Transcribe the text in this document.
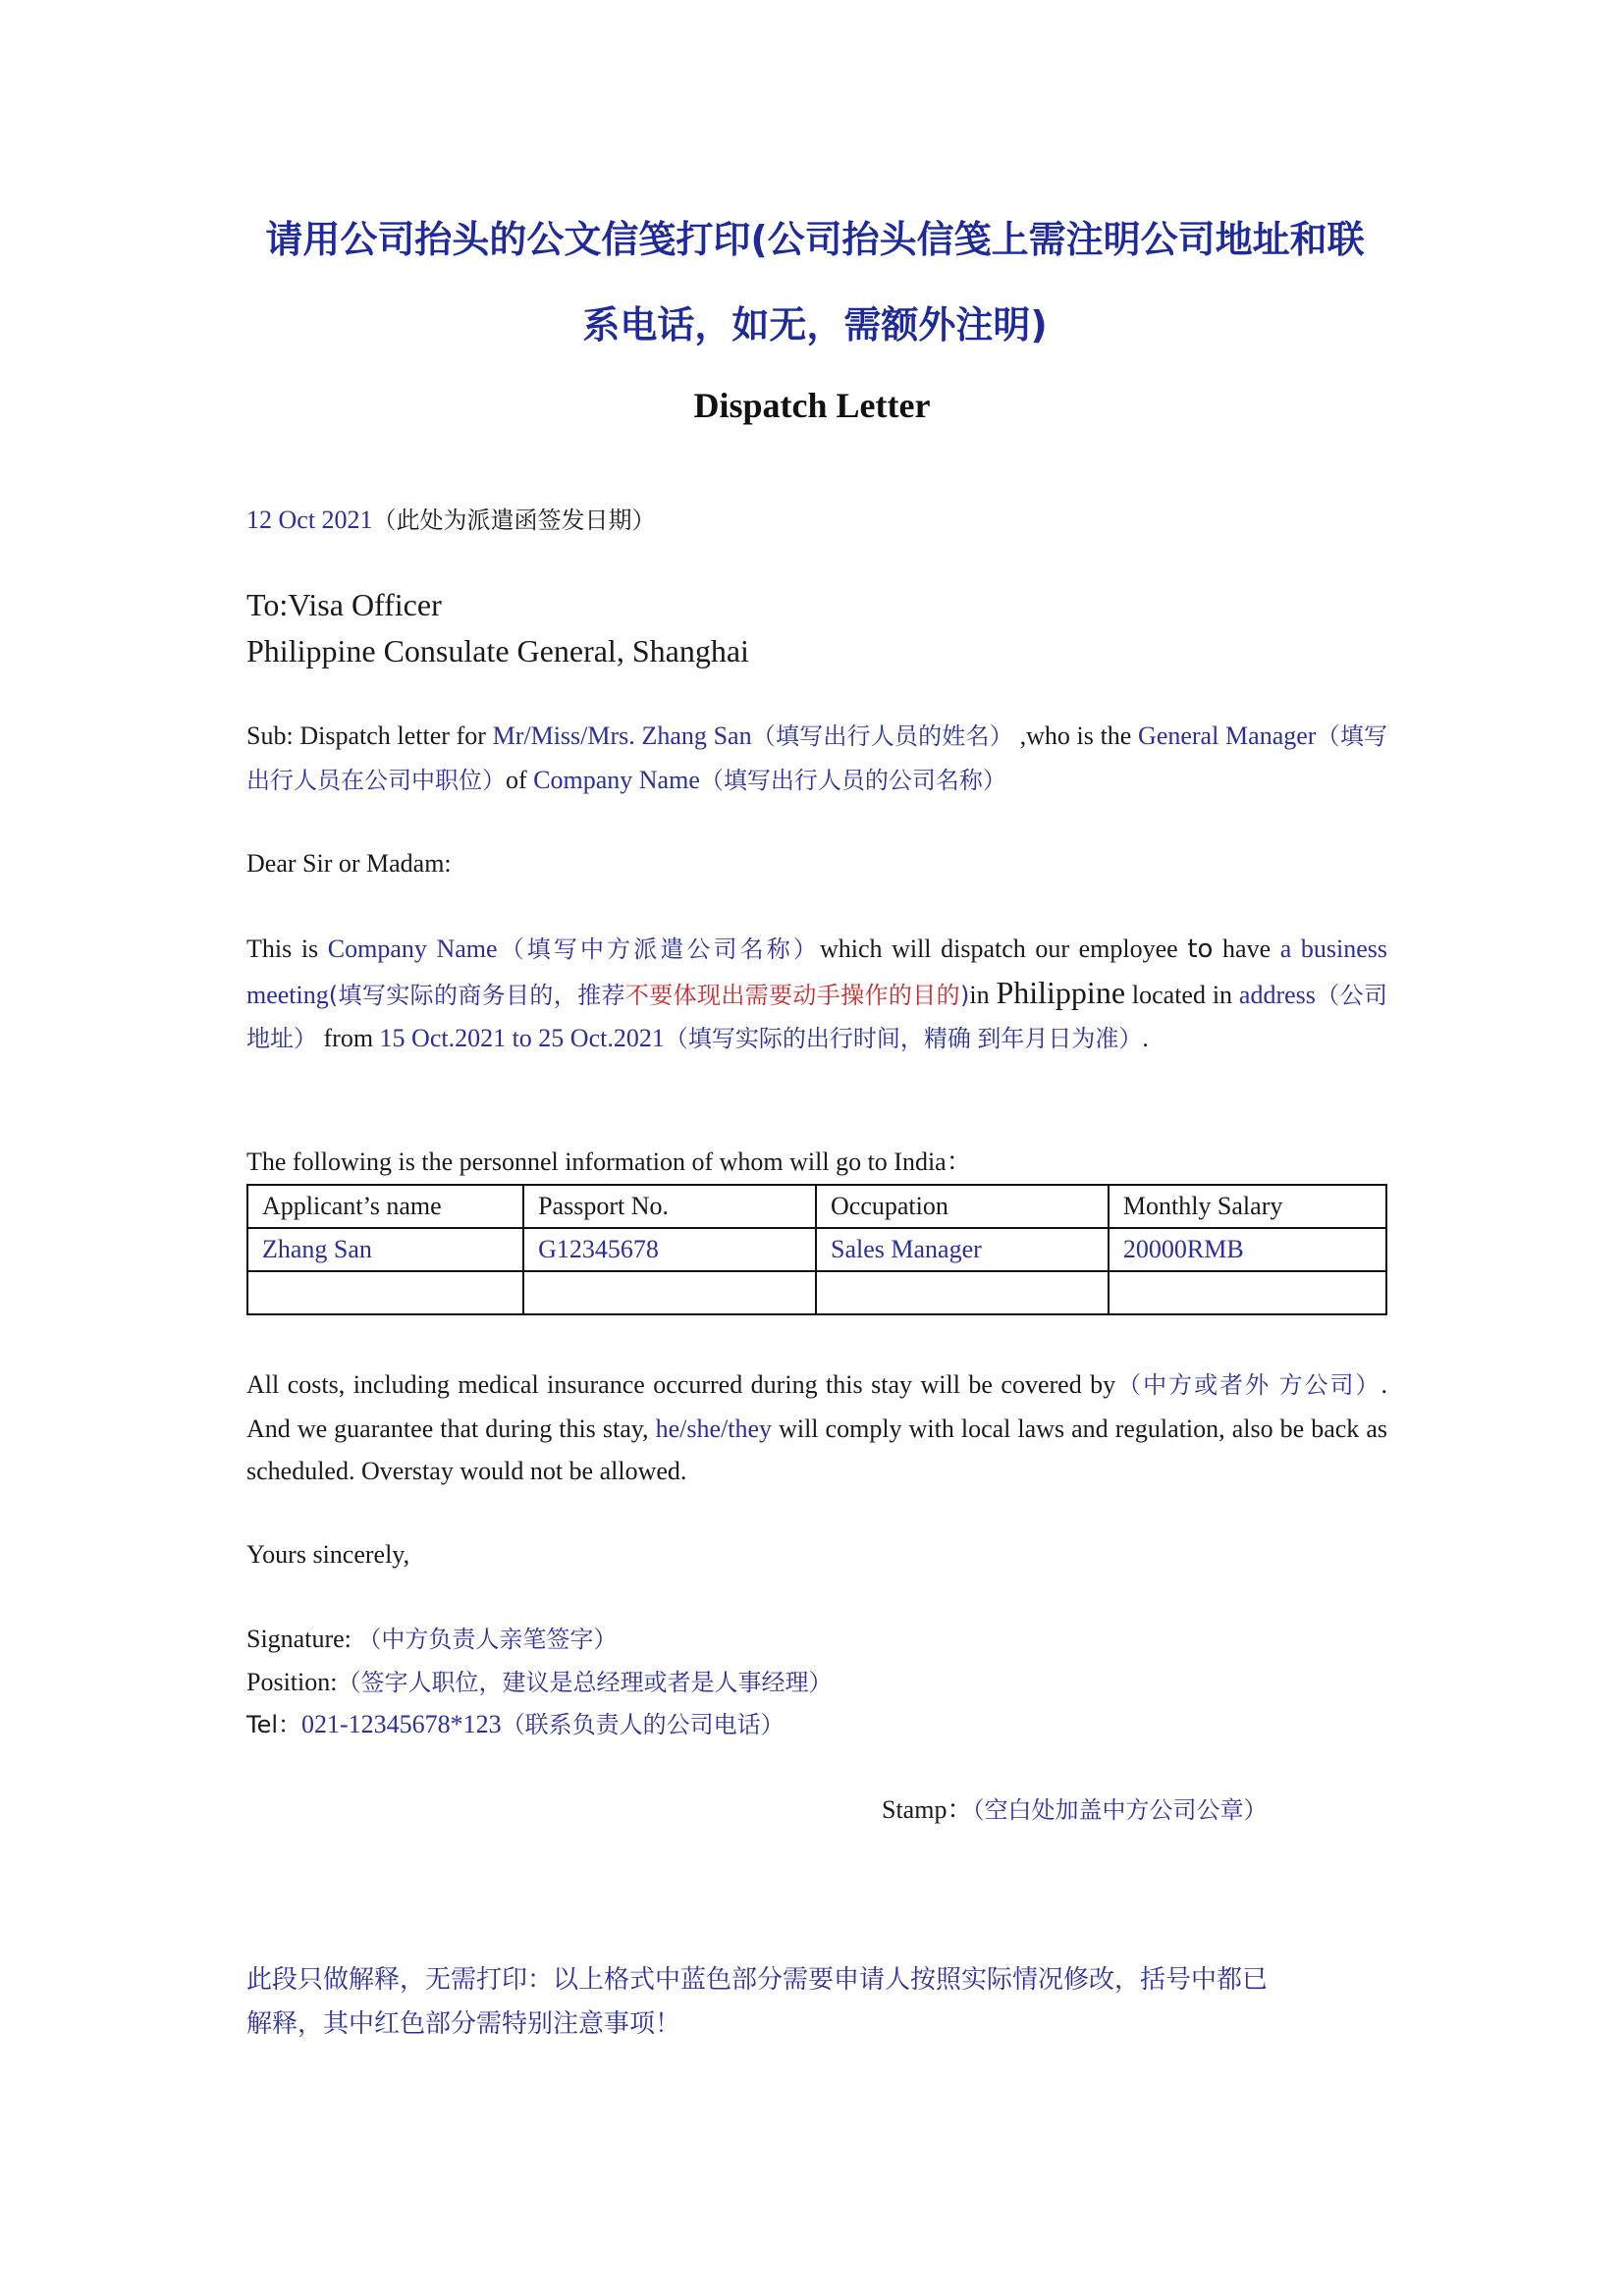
请用公司抬头的公文信笺打印(公司抬头信笺上需注明公司地址和联
系电话，如无，需额外注明)
Dispatch Letter
12 Oct 2021（此处为派遣函签发日期）
To:Visa Officer
Philippine Consulate General, Shanghai
Sub: Dispatch letter for Mr/Miss/Mrs. Zhang San（填写出行人员的姓名） ,who is the General Manager（填写出行人员在公司中职位）of Company Name（填写出行人员的公司名称）
Dear Sir or Madam:
This is Company Name（填写中方派遣公司名称）which will dispatch our employee to have a business meeting(填写实际的商务目的，推荐不要体现出需要动手操作的目的)in Philippine located in address（公司地址） from 15 Oct.2021 to 25 Oct.2021（填写实际的出行时间，精确 到年月日为准）.
The following is the personnel information of whom will go to India：
Applicant’s name	Passport No.	Occupation	Monthly Salary
Zhang San	G12345678	Sales Manager	20000RMB

All costs, including medical insurance occurred during this stay will be covered by（中方或者外 方公司）. And we guarantee that during this stay, he/she/they will comply with local laws and regulation, also be back as scheduled. Overstay would not be allowed.
Yours sincerely,
Signature: （中方负责人亲笔签字）
Position:（签字人职位，建议是总经理或者是人事经理）
Tel：021-12345678*123（联系负责人的公司电话）
Stamp：（空白处加盖中方公司公章）
此段只做解释，无需打印：以上格式中蓝色部分需要申请人按照实际情况修改，括号中都已
解释，其中红色部分需特别注意事项！
